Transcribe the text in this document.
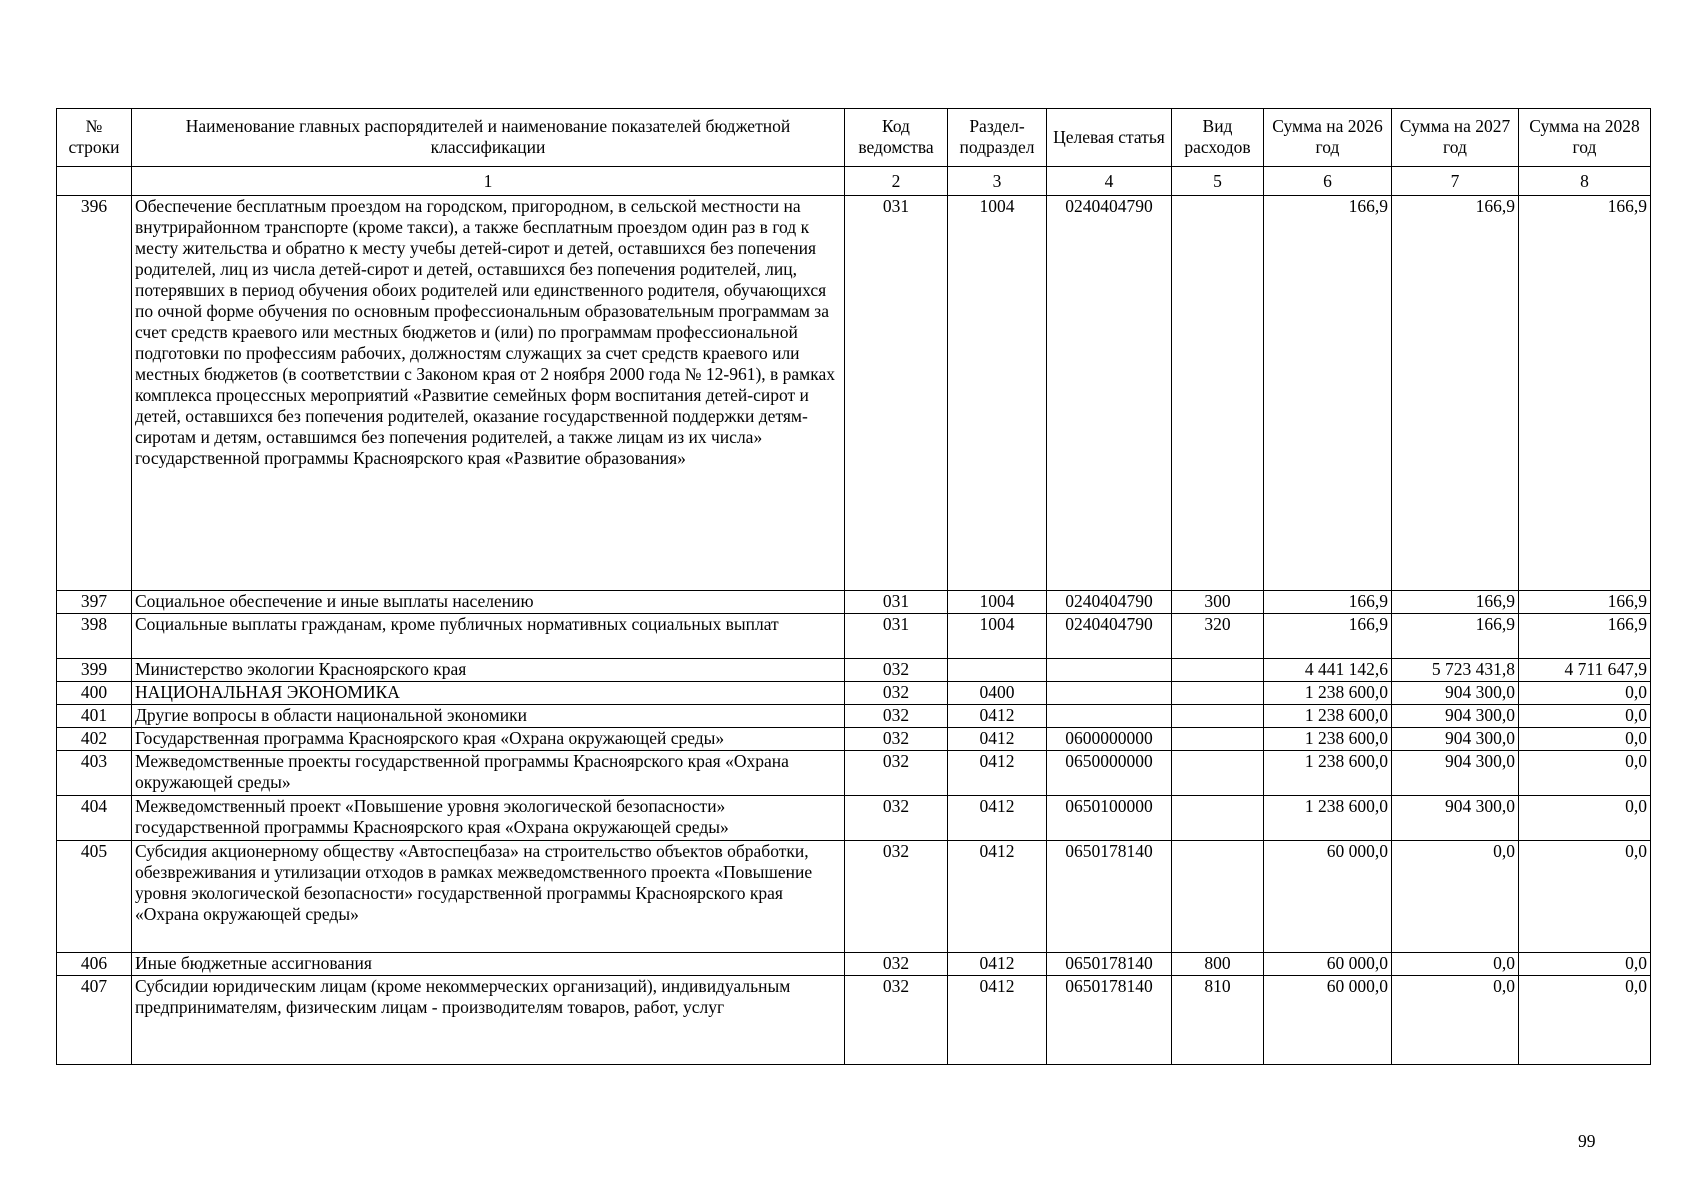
№ строки	Наименование главных распорядителей и наименование показателей бюджетной классификации	Код ведомства	Раздел-подраздел	Целевая статья	Вид расходов	Сумма на 2026 год	Сумма на 2027 год	Сумма на 2028 год
	1	2	3	4	5	6	7	8
396	Обеспечение бесплатным проездом на городском, пригородном, в сельской местности на внутрирайонном транспорте (кроме такси), а также бесплатным проездом один раз в год к месту жительства и обратно к месту учебы детей-сирот и детей, оставшихся без попечения родителей, лиц из числа детей-сирот и детей, оставшихся без попечения родителей, лиц, потерявших в период обучения обоих родителей или единственного родителя, обучающихся по очной форме обучения по основным профессиональным образовательным программам за счет средств краевого или местных бюджетов и (или) по программам профессиональной подготовки по профессиям рабочих, должностям служащих за счет средств краевого или местных бюджетов (в соответствии с Законом края от 2 ноября 2000 года № 12-961), в рамках комплекса процессных мероприятий «Развитие семейных форм воспитания детей-сирот и детей, оставшихся без попечения родителей, оказание государственной поддержки детям-сиротам и детям, оставшимся без попечения родителей, а также лицам из их числа» государственной программы Красноярского края «Развитие образования»	031	1004	0240404790		166,9	166,9	166,9
397	Социальное обеспечение и иные выплаты населению	031	1004	0240404790	300	166,9	166,9	166,9
398	Социальные выплаты гражданам, кроме публичных нормативных социальных выплат	031	1004	0240404790	320	166,9	166,9	166,9
399	Министерство экологии Красноярского края	032				4 441 142,6	5 723 431,8	4 711 647,9
400	НАЦИОНАЛЬНАЯ ЭКОНОМИКА	032	0400			1 238 600,0	904 300,0	0,0
401	Другие вопросы в области национальной экономики	032	0412			1 238 600,0	904 300,0	0,0
402	Государственная программа Красноярского края «Охрана окружающей среды»	032	0412	0600000000		1 238 600,0	904 300,0	0,0
403	Межведомственные проекты государственной программы Красноярского края «Охрана окружающей среды»	032	0412	0650000000		1 238 600,0	904 300,0	0,0
404	Межведомственный проект «Повышение уровня экологической безопасности» государственной программы Красноярского края «Охрана окружающей среды»	032	0412	0650100000		1 238 600,0	904 300,0	0,0
405	Субсидия акционерному обществу «Автоспецбаза» на строительство объектов обработки, обезвреживания и утилизации отходов в рамках межведомственного проекта «Повышение уровня экологической безопасности» государственной программы Красноярского края «Охрана окружающей среды»	032	0412	0650178140		60 000,0	0,0	0,0
406	Иные бюджетные ассигнования	032	0412	0650178140	800	60 000,0	0,0	0,0
407	Субсидии юридическим лицам (кроме некоммерческих организаций), индивидуальным предпринимателям, физическим лицам - производителям товаров, работ, услуг	032	0412	0650178140	810	60 000,0	0,0	0,0
99
